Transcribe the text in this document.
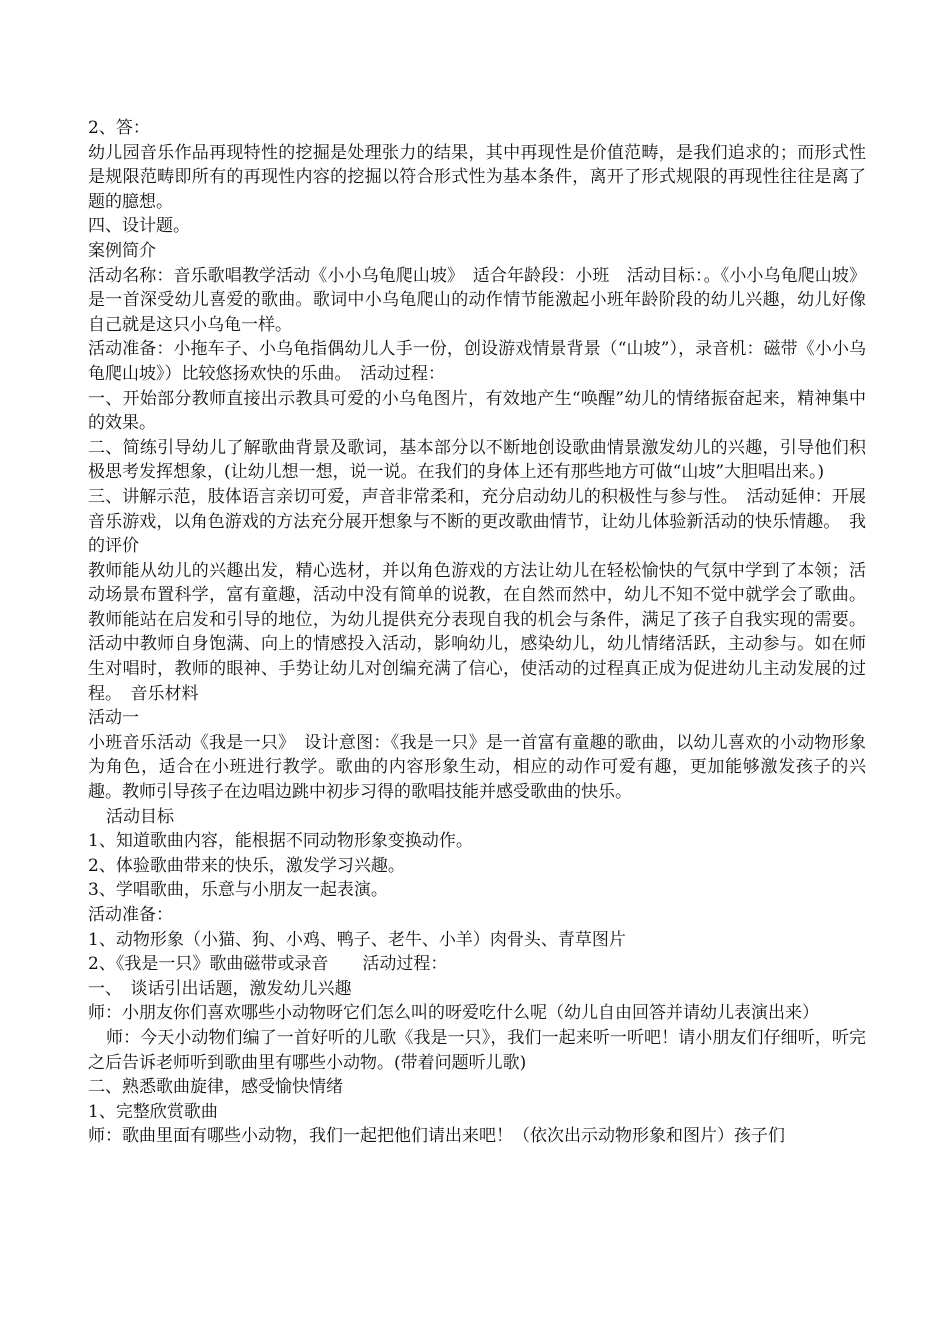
2、答：

幼儿园音乐作品再现特性的挖掘是处理张力的结果，其中再现性是价值范畴，是我们追求的；而形式性是规限范畴即所有的再现性内容的挖掘以符合形式性为基本条件，离开了形式规限的再现性往往是离了题的臆想。

四、设计题。

案例简介

活动名称：音乐歌唱教学活动《小小乌龟爬山坡》　适合年龄段：小班　活动目标：。《小小乌龟爬山坡》是一首深受幼儿喜爱的歌曲。歌词中小乌龟爬山的动作情节能激起小班年龄阶段的幼儿兴趣，幼儿好像自己就是这只小乌龟一样。

活动准备：小拖车子、小乌龟指偶幼儿人手一份，创设游戏情景背景（“山坡”），录音机：磁带《小小乌龟爬山坡》）比较悠扬欢快的乐曲。　活动过程：

一、开始部分教师直接出示教具可爱的小乌龟图片，有效地产生“唤醒”幼儿的情绪振奋起来，精神集中的效果。

二、简练引导幼儿了解歌曲背景及歌词，基本部分以不断地创设歌曲情景激发幼儿的兴趣，引导他们积极思考发挥想象，(让幼儿想一想，说一说。在我们的身体上还有那些地方可做“山坡”大胆唱出来。)

三、讲解示范，肢体语言亲切可爱，声音非常柔和，充分启动幼儿的积极性与参与性。　活动延伸：开展音乐游戏，以角色游戏的方法充分展开想象与不断的更改歌曲情节，让幼儿体验新活动的快乐情趣。　我的评价

教师能从幼儿的兴趣出发，精心选材，并以角色游戏的方法让幼儿在轻松愉快的气氛中学到了本领；活动场景布置科学，富有童趣，活动中没有简单的说教，在自然而然中，幼儿不知不觉中就学会了歌曲。教师能站在启发和引导的地位，为幼儿提供充分表现自我的机会与条件，满足了孩子自我实现的需要。活动中教师自身饱满、向上的情感投入活动，影响幼儿，感染幼儿，幼儿情绪活跃，主动参与。如在师生对唱时，教师的眼神、手势让幼儿对创编充满了信心，使活动的过程真正成为促进幼儿主动发展的过程。　音乐材料

活动一

小班音乐活动《我是一只》　设计意图：《我是一只》是一首富有童趣的歌曲，以幼儿喜欢的小动物形象为角色，适合在小班进行教学。歌曲的内容形象生动，相应的动作可爱有趣，更加能够激发孩子的兴趣。教师引导孩子在边唱边跳中初步习得的歌唱技能并感受歌曲的快乐。

活动目标

1、知道歌曲内容，能根据不同动物形象变换动作。

2、体验歌曲带来的快乐，激发学习兴趣。

3、学唱歌曲，乐意与小朋友一起表演。

活动准备：

1、动物形象（小猫、狗、小鸡、鸭子、老牛、小羊）肉骨头、青草图片

2、《我是一只》歌曲磁带或录音　　活动过程：

一、　谈话引出话题，激发幼儿兴趣

师：小朋友你们喜欢哪些小动物呀它们怎么叫的呀爱吃什么呢（幼儿自由回答并请幼儿表演出来）

师：今天小动物们编了一首好听的儿歌《我是一只》，我们一起来听一听吧！请小朋友们仔细听，听完之后告诉老师听到歌曲里有哪些小动物。(带着问题听儿歌)

二、熟悉歌曲旋律，感受愉快情绪

1、完整欣赏歌曲

师：歌曲里面有哪些小动物，我们一起把他们请出来吧！（依次出示动物形象和图片）孩子们
